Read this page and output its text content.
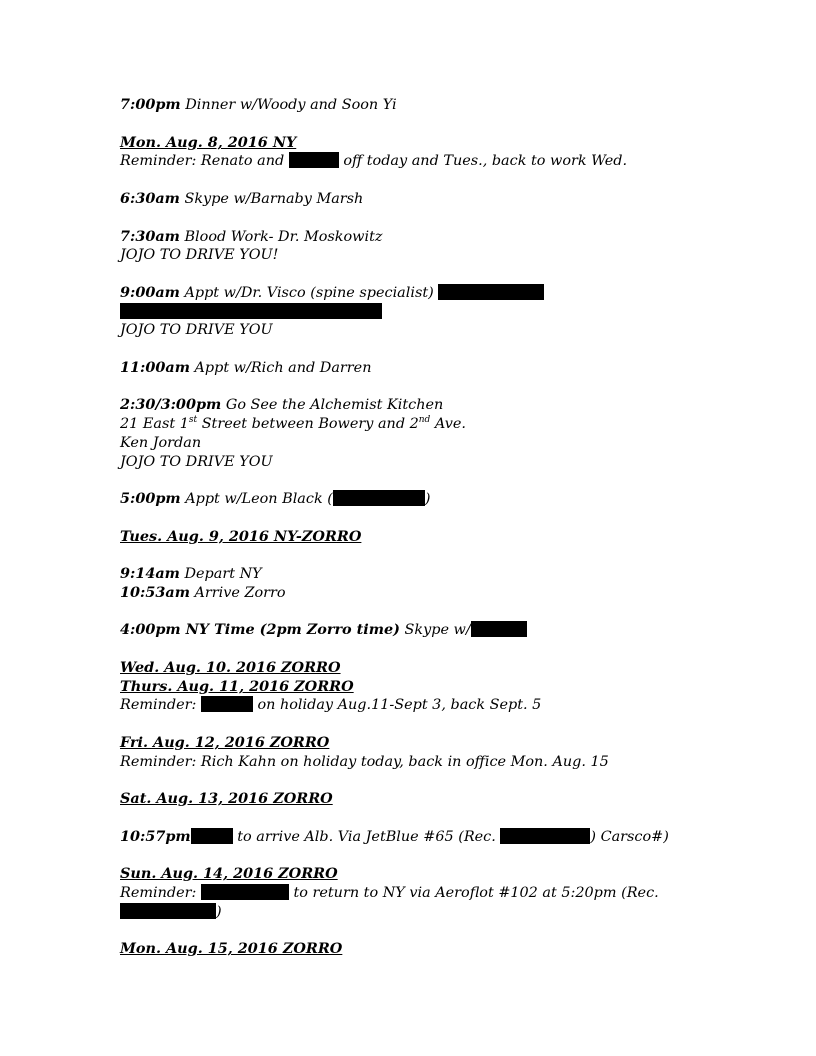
7:00pm Dinner w/Woody and Soon Yi
Mon. Aug. 8, 2016 NY
Reminder: Renato and	off today and Tues., back to work Wed.
6:30am Skype w/Barnaby Marsh
7:30am Blood Work- Dr. Moskowitz
JOJO TO DRIVE YOU!
9:00am Appt w/Dr. Visco (spine specialist)
JOJO TO DRIVE YOU
11:00am Appt w/Rich and Darren
2:30/3:00pm Go See the Alchemist Kitchen
21 East 1st Street between Bowery and 2nd Ave.
Ken Jordan
JOJO TO DRIVE YOU
5:00pm Appt w/Leon Black (	)
Tues. Aug. 9, 2016 NY-ZORRO
9:14am Depart NY
10:53am Arrive Zorro
4:00pm NY Time (2pm Zorro time) Skype w/
Wed. Aug. 10. 2016 ZORRO
Thurs. Aug. 11, 2016 ZORRO
Reminder:	on holiday Aug.11-Sept 3, back Sept. 5
Fri. Aug. 12, 2016 ZORRO
Reminder: Rich Kahn on holiday today, back in office Mon. Aug. 15
Sat. Aug. 13, 2016 ZORRO
10:57pm	to arrive Alb. Via JetBlue #65 (Rec.	) Carsco#)
Sun. Aug. 14, 2016 ZORRO
Reminder:	to return to NY via Aeroflot #102 at 5:20pm (Rec.
)
Mon. Aug. 15, 2016 ZORRO
